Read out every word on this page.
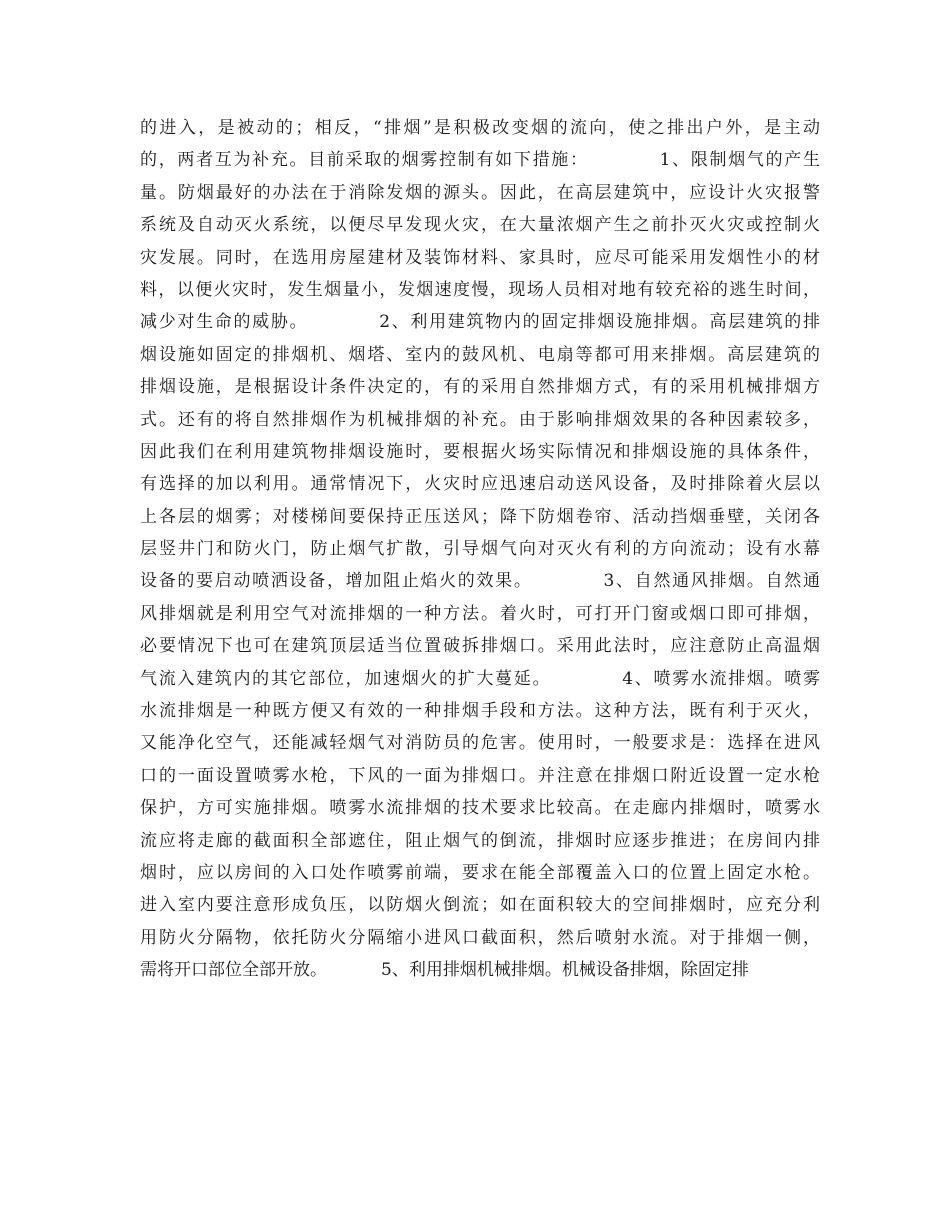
的进入，是被动的；相反，“排烟”是积极改变烟的流向，使之排出户外，是主动
的，两者互为补充。目前采取的烟雾控制有如下措施：          1、限制烟气的产生
量。防烟最好的办法在于消除发烟的源头。因此，在高层建筑中，应设计火灾报警
系统及自动灭火系统，以便尽早发现火灾，在大量浓烟产生之前扑灭火灾或控制火
灾发展。同时，在选用房屋建材及装饰材料、家具时，应尽可能采用发烟性小的材
料，以便火灾时，发生烟量小，发烟速度慢，现场人员相对地有较充裕的逃生时间，
减少对生命的威胁。          2、利用建筑物内的固定排烟设施排烟。高层建筑的排
烟设施如固定的排烟机、烟塔、室内的鼓风机、电扇等都可用来排烟。高层建筑的
排烟设施，是根据设计条件决定的，有的采用自然排烟方式，有的采用机械排烟方
式。还有的将自然排烟作为机械排烟的补充。由于影响排烟效果的各种因素较多，
因此我们在利用建筑物排烟设施时，要根据火场实际情况和排烟设施的具体条件，
有选择的加以利用。通常情况下，火灾时应迅速启动送风设备，及时排除着火层以
上各层的烟雾；对楼梯间要保持正压送风；降下防烟卷帘、活动挡烟垂壁，关闭各
层竖井门和防火门，防止烟气扩散，引导烟气向对灭火有利的方向流动；设有水幕
设备的要启动喷洒设备，增加阻止焰火的效果。          3、自然通风排烟。自然通
风排烟就是利用空气对流排烟的一种方法。着火时，可打开门窗或烟口即可排烟，
必要情况下也可在建筑顶层适当位置破拆排烟口。采用此法时，应注意防止高温烟
气流入建筑内的其它部位，加速烟火的扩大蔓延。          4、喷雾水流排烟。喷雾
水流排烟是一种既方便又有效的一种排烟手段和方法。这种方法，既有利于灭火，
又能净化空气，还能减轻烟气对消防员的危害。使用时，一般要求是：选择在进风
口的一面设置喷雾水枪，下风的一面为排烟口。并注意在排烟口附近设置一定水枪
保护，方可实施排烟。喷雾水流排烟的技术要求比较高。在走廊内排烟时，喷雾水
流应将走廊的截面积全部遮住，阻止烟气的倒流，排烟时应逐步推进；在房间内排
烟时，应以房间的入口处作喷雾前端，要求在能全部覆盖入口的位置上固定水枪。
进入室内要注意形成负压，以防烟火倒流；如在面积较大的空间排烟时，应充分利
用防火分隔物，依托防火分隔缩小进风口截面积，然后喷射水流。对于排烟一侧，
需将开口部位全部开放。          5、利用排烟机械排烟。机械设备排烟，除固定排
